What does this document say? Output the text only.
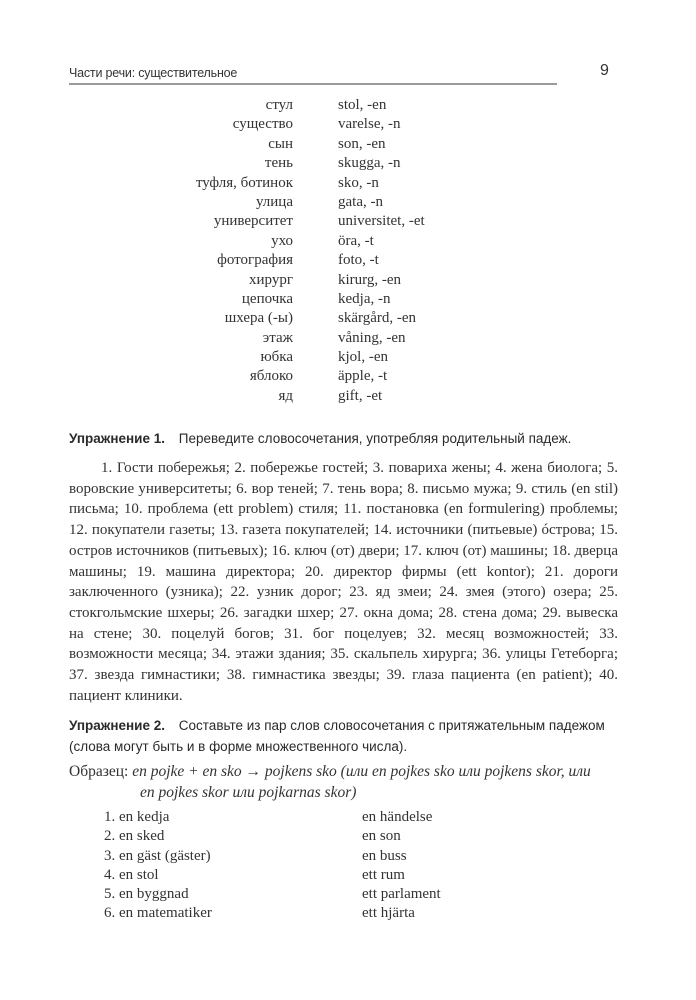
Части речи: существительное	9
стул	stol, -en
существо	varelse, -n
сын	son, -en
тень	skugga, -n
туфля, ботинок	sko, -n
улица	gata, -n
университет	universitet, -et
ухо	öra, -t
фотография	foto, -t
хирург	kirurg, -en
цепочка	kedja, -n
шхера (-ы)	skärgård, -en
этаж	våning, -en
юбка	kjol, -en
яблоко	äpple, -t
яд	gift, -et
Упражнение 1. Переведите словосочетания, употребляя родительный падеж.
1. Гости побережья; 2. побережье гостей; 3. повариха жены; 4. жена биолога; 5. воровские университеты; 6. вор теней; 7. тень вора; 8. письмо мужа; 9. стиль (en stil) письма; 10. проблема (ett problem) стиля; 11. постановка (en formulering) проблемы; 12. покупатели газеты; 13. газета покупателей; 14. источники (питьевые) óстрова; 15. остров источников (питьевых); 16. ключ (от) двери; 17. ключ (от) машины; 18. дверца машины; 19. машина директора; 20. директор фирмы (ett kontor); 21. дороги заключенного (узника); 22. узник дорог; 23. яд змеи; 24. змея (этого) озера; 25. стокгольмские шхеры; 26. загадки шхер; 27. окна дома; 28. стена дома; 29. вывеска на стене; 30. поцелуй богов; 31. бог поцелуев; 32. месяц возможностей; 33. возможности месяца; 34. этажи здания; 35. скальпель хирурга; 36. улицы Гетеборга; 37. звезда гимнастики; 38. гимнастика звезды; 39. глаза пациента (en patient); 40. пациент клиники.
Упражнение 2. Составьте из пар слов словосочетания с притяжательным падежом (слова могут быть и в форме множественного числа).
Образец: en pojke + en sko → pojkens sko (или en pojkes sko или pojkens skor, или
en pojkes skor или pojkarnas skor)
1. en kedja	en händelse
2. en sked	en son
3. en gäst (gäster)	en buss
4. en stol	ett rum
5. en byggnad	ett parlament
6. en matematiker	ett hjärta
